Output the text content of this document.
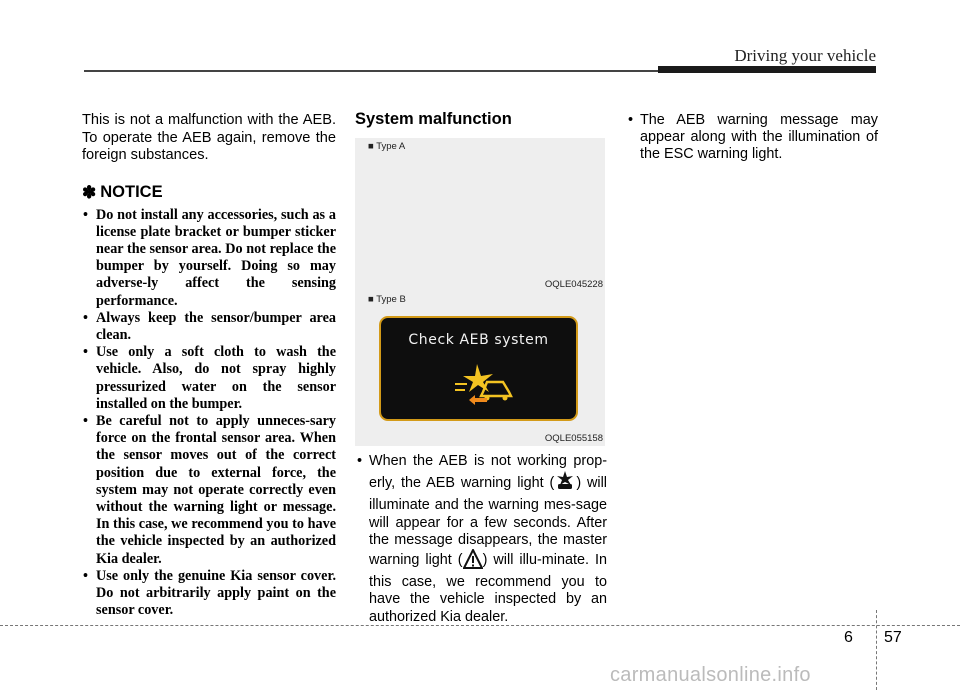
Driving your vehicle

This is not a malfunction with the AEB. To operate the AEB again, remove the foreign substances.

✽ NOTICE
• Do not install any accessories, such as a license plate bracket or bumper sticker near the sensor area. Do not replace the bumper by yourself. Doing so may adverse-ly affect the sensing performance.
• Always keep the sensor/bumper area clean.
• Use only a soft cloth to wash the vehicle. Also, do not spray highly pressurized water on the sensor installed on the bumper.
• Be careful not to apply unneces-sary force on the frontal sensor area. When the sensor moves out of the correct position due to external force, the system may not operate correctly even without the warning light or message. In this case, we recommend you to have the vehicle inspected by an authorized Kia dealer.
• Use only the genuine Kia sensor cover. Do not arbitrarily apply paint on the sensor cover.
System malfunction
■ Type A
OQLE045228
■ Type B
OQLE055158
Check AEB system
• When the AEB is not working prop-erly, the AEB warning light ( ) will illuminate and the warning mes-sage will appear for a few seconds. After the message disappears, the master warning light ( ) will illu-minate. In this case, we recommend you to have the vehicle inspected by an authorized Kia dealer.
• The AEB warning message may appear along with the illumination of the ESC warning light.
6 57
carmanualsonline.info
